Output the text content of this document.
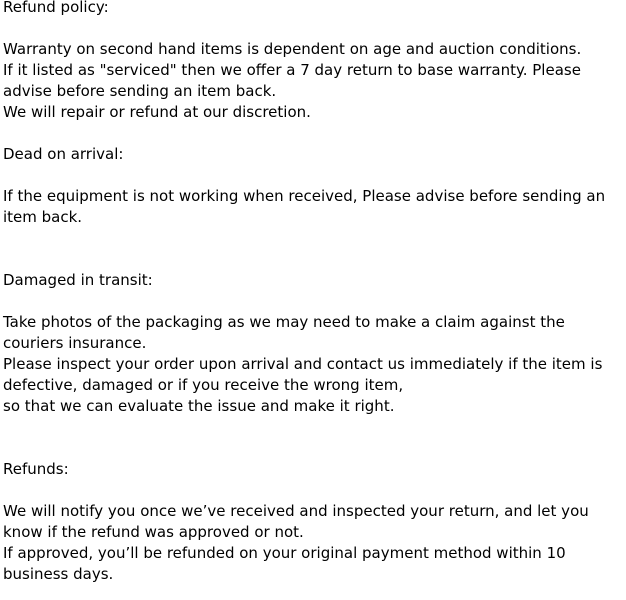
Refund policy:

Warranty on second hand items is dependent on age and auction conditions.

If it listed as "serviced" then we offer a 7 day return to base warranty. Please advise before sending an item back.

We will repair or refund at our discretion.

Dead on arrival:

If the equipment is not working when received, Please advise before sending an item back.

Damaged in transit:

Take photos of the packaging as we may need to make a claim against the couriers insurance.

Please inspect your order upon arrival and contact us immediately if the item is defective, damaged or if you receive the wrong item,

so that we can evaluate the issue and make it right.

Refunds:

We will notify you once we’ve received and inspected your return, and let you know if the refund was approved or not.

If approved, you’ll be refunded on your original payment method within 10 business days.
